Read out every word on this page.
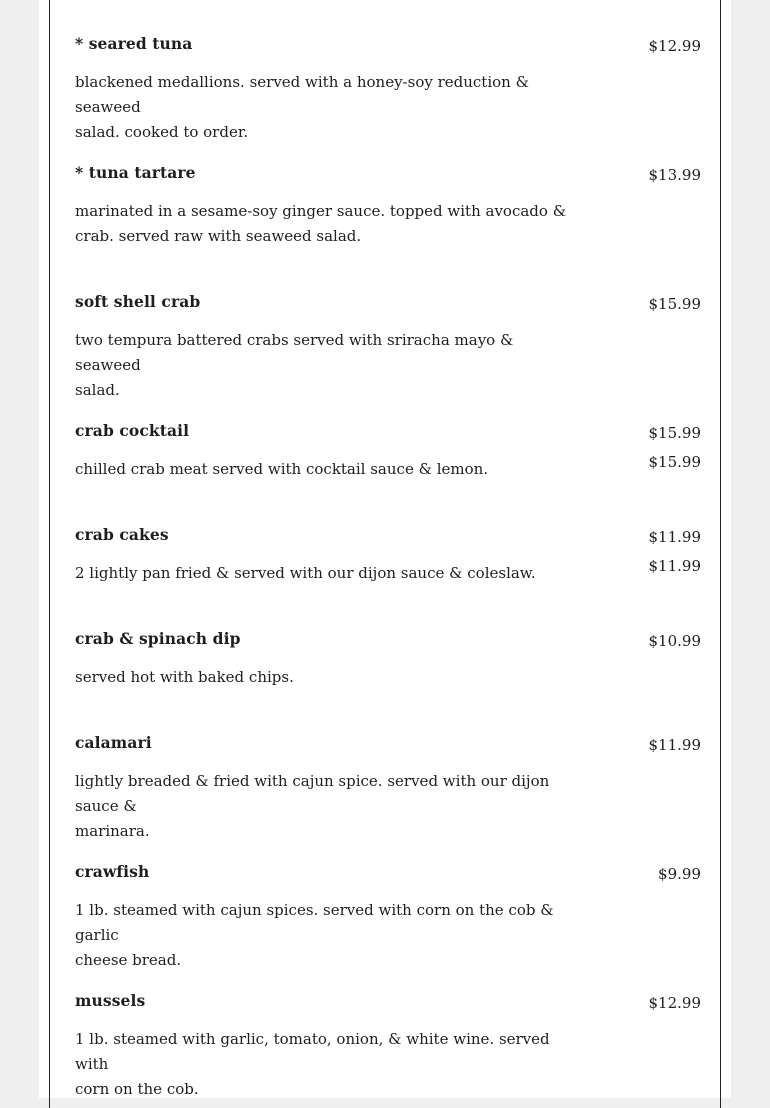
* seared tuna	$12.99
blackened medallions. served with a honey-soy reduction & seaweed
salad. cooked to order.
* tuna tartare	$13.99
marinated in a sesame-soy ginger sauce. topped with avocado &
crab. served raw with seaweed salad.
soft shell crab	$15.99
two tempura battered crabs served with sriracha mayo & seaweed
salad.
crab cocktail	$15.99
$15.99
chilled crab meat served with cocktail sauce & lemon.
crab cakes	$11.99
$11.99
2 lightly pan fried & served with our dijon sauce & coleslaw.
crab & spinach dip	$10.99
served hot with baked chips.
calamari	$11.99
lightly breaded & fried with cajun spice. served with our dijon sauce &
marinara.
crawfish	$9.99
1 lb. steamed with cajun spices. served with corn on the cob & garlic
cheese bread.
mussels	$12.99
1 lb. steamed with garlic, tomato, onion, & white wine. served with
corn on the cob.
